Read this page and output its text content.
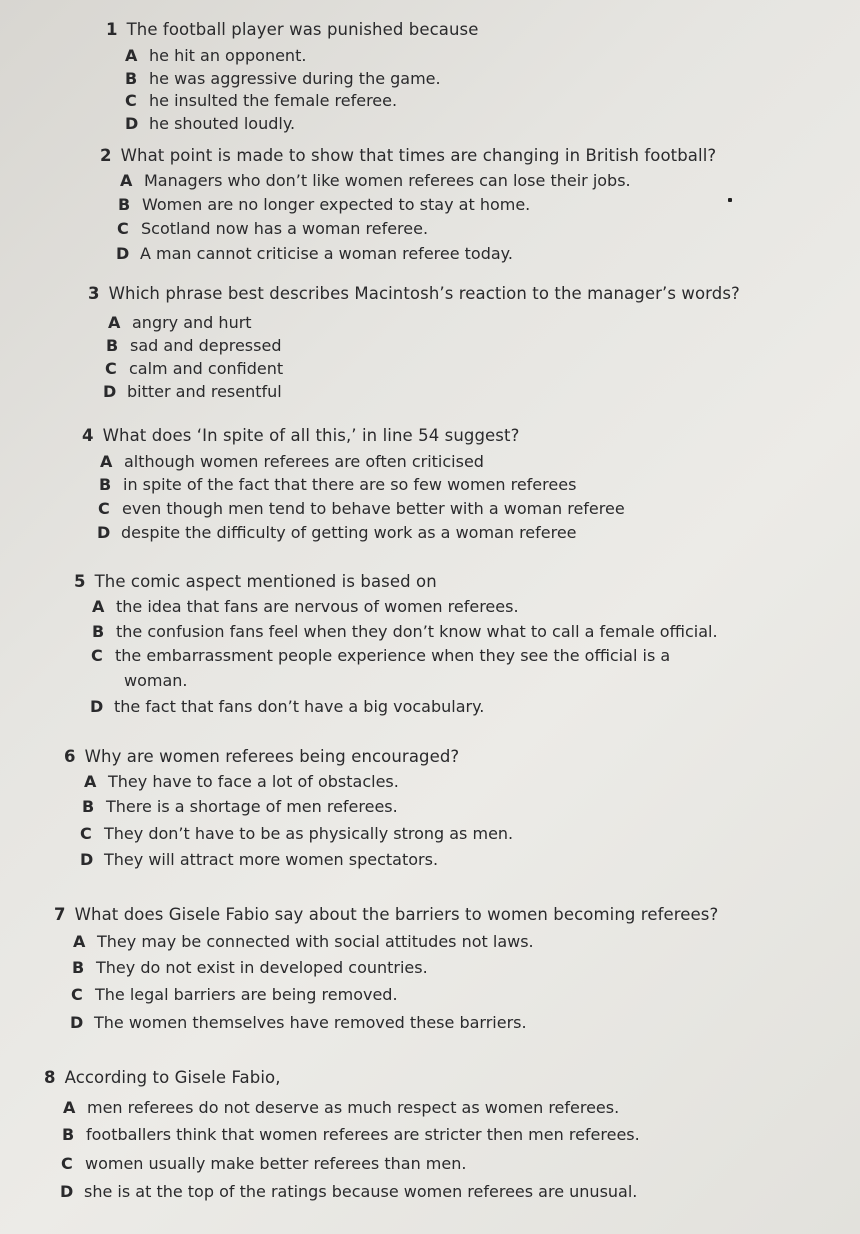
1 The football player was punished because
A he hit an opponent.
B he was aggressive during the game.
C he insulted the female referee.
D he shouted loudly.
2 What point is made to show that times are changing in British football?
A Managers who don’t like women referees can lose their jobs.
B Women are no longer expected to stay at home.
C Scotland now has a woman referee.
D A man cannot criticise a woman referee today.
3 Which phrase best describes Macintosh’s reaction to the manager’s words?
A angry and hurt
B sad and depressed
C calm and confident
D bitter and resentful
4 What does ‘In spite of all this,’ in line 54 suggest?
A although women referees are often criticised
B in spite of the fact that there are so few women referees
C even though men tend to behave better with a woman referee
D despite the difficulty of getting work as a woman referee
5 The comic aspect mentioned is based on
A the idea that fans are nervous of women referees.
B the confusion fans feel when they don’t know what to call a female official.
C the embarrassment people experience when they see the official is a
woman.
D the fact that fans don’t have a big vocabulary.
6 Why are women referees being encouraged?
A They have to face a lot of obstacles.
B There is a shortage of men referees.
C They don’t have to be as physically strong as men.
D They will attract more women spectators.
7 What does Gisele Fabio say about the barriers to women becoming referees?
A They may be connected with social attitudes not laws.
B They do not exist in developed countries.
C The legal barriers are being removed.
D The women themselves have removed these barriers.
8 According to Gisele Fabio,
A men referees do not deserve as much respect as women referees.
B footballers think that women referees are stricter then men referees.
C women usually make better referees than men.
D she is at the top of the ratings because women referees are unusual.
